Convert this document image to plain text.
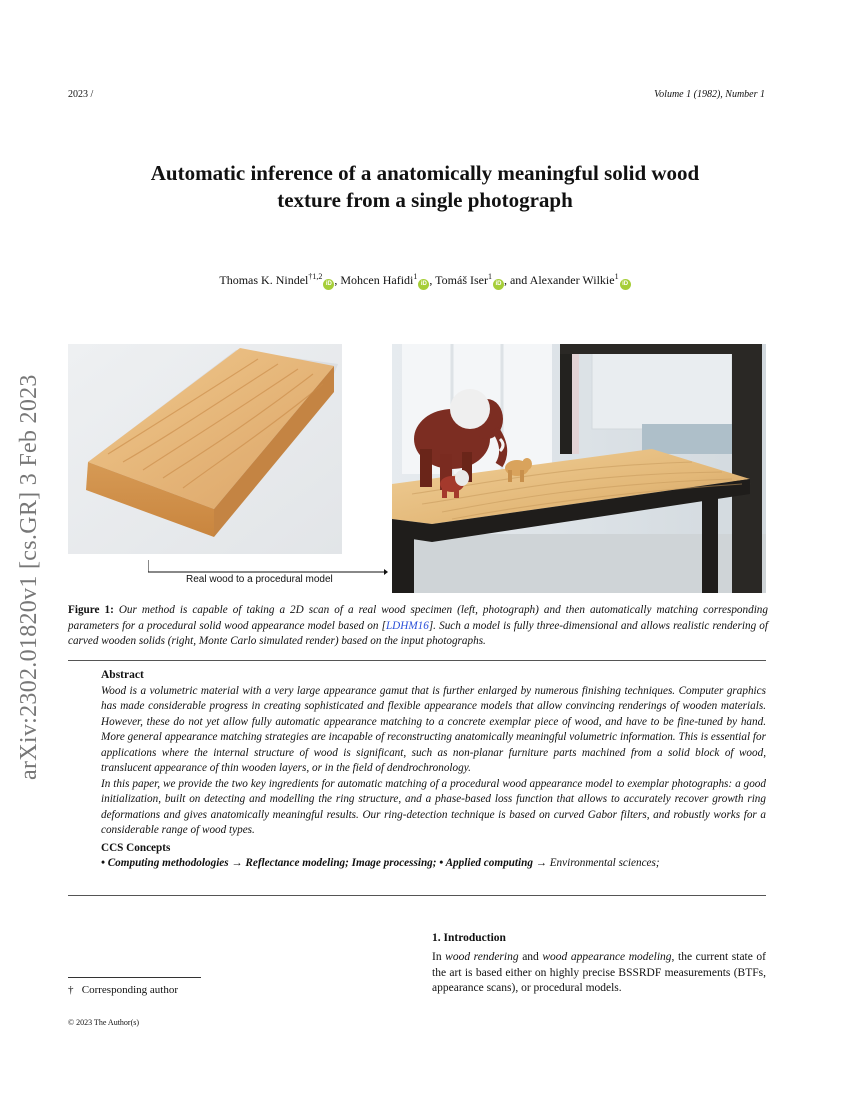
2023 /	Volume 1 (1982), Number 1
Automatic inference of a anatomically meaningful solid wood
texture from a single photograph
Thomas K. Nindel$^{\dagger 1,2}$iD , Mohcen Hafidi$^1$iD , Tomáš Iser$^1$iD , and Alexander Wilkie$^1$iD
arXiv:2302.01820v1 [cs.GR] 3 Feb 2023	Real wood to a procedural model
Figure 1: Our method is capable of taking a 2D scan of a real wood specimen (left, photograph) and then automatically matching corresponding parameters for a procedural solid wood appearance model based on [LDHM16]. Such a model is fully three-dimensional and allows realistic rendering of carved wooden solids (right, Monte Carlo simulated render) based on the input photographs.
Abstract

Wood is a volumetric material with a very large appearance gamut that is further enlarged by numerous finishing techniques. Computer graphics has made considerable progress in creating sophisticated and flexible appearance models that allow convincing renderings of wooden materials. However, these do not yet allow fully automatic appearance matching to a concrete exemplar piece of wood, and have to be fine-tuned by hand. More general appearance matching strategies are incapable of reconstructing anatomically meaningful volumetric information. This is essential for applications where the internal structure of wood is significant, such as non-planar furniture parts machined from a solid block of wood, translucent appearance of thin wooden layers, or in the field of dendrochronology.

In this paper, we provide the two key ingredients for automatic matching of a procedural wood appearance model to exemplar photographs: a good initialization, built on detecting and modelling the ring structure, and a phase-based loss function that allows to accurately recover growth ring deformations and gives anatomically meaningful results. Our ring-detection technique is based on curved Gabor filters, and robustly works for a considerable range of wood types.

CCS Concepts

• Computing methodologies → Reflectance modeling; Image processing; • Applied computing → Environmental sciences;

1. Introduction
In wood rendering and wood appearance modeling, the current state of the art is based either on highly precise BSSRDF measurements (BTFs, appearance scans), or procedural models.
† Corresponding author
© 2023 The Author(s)
